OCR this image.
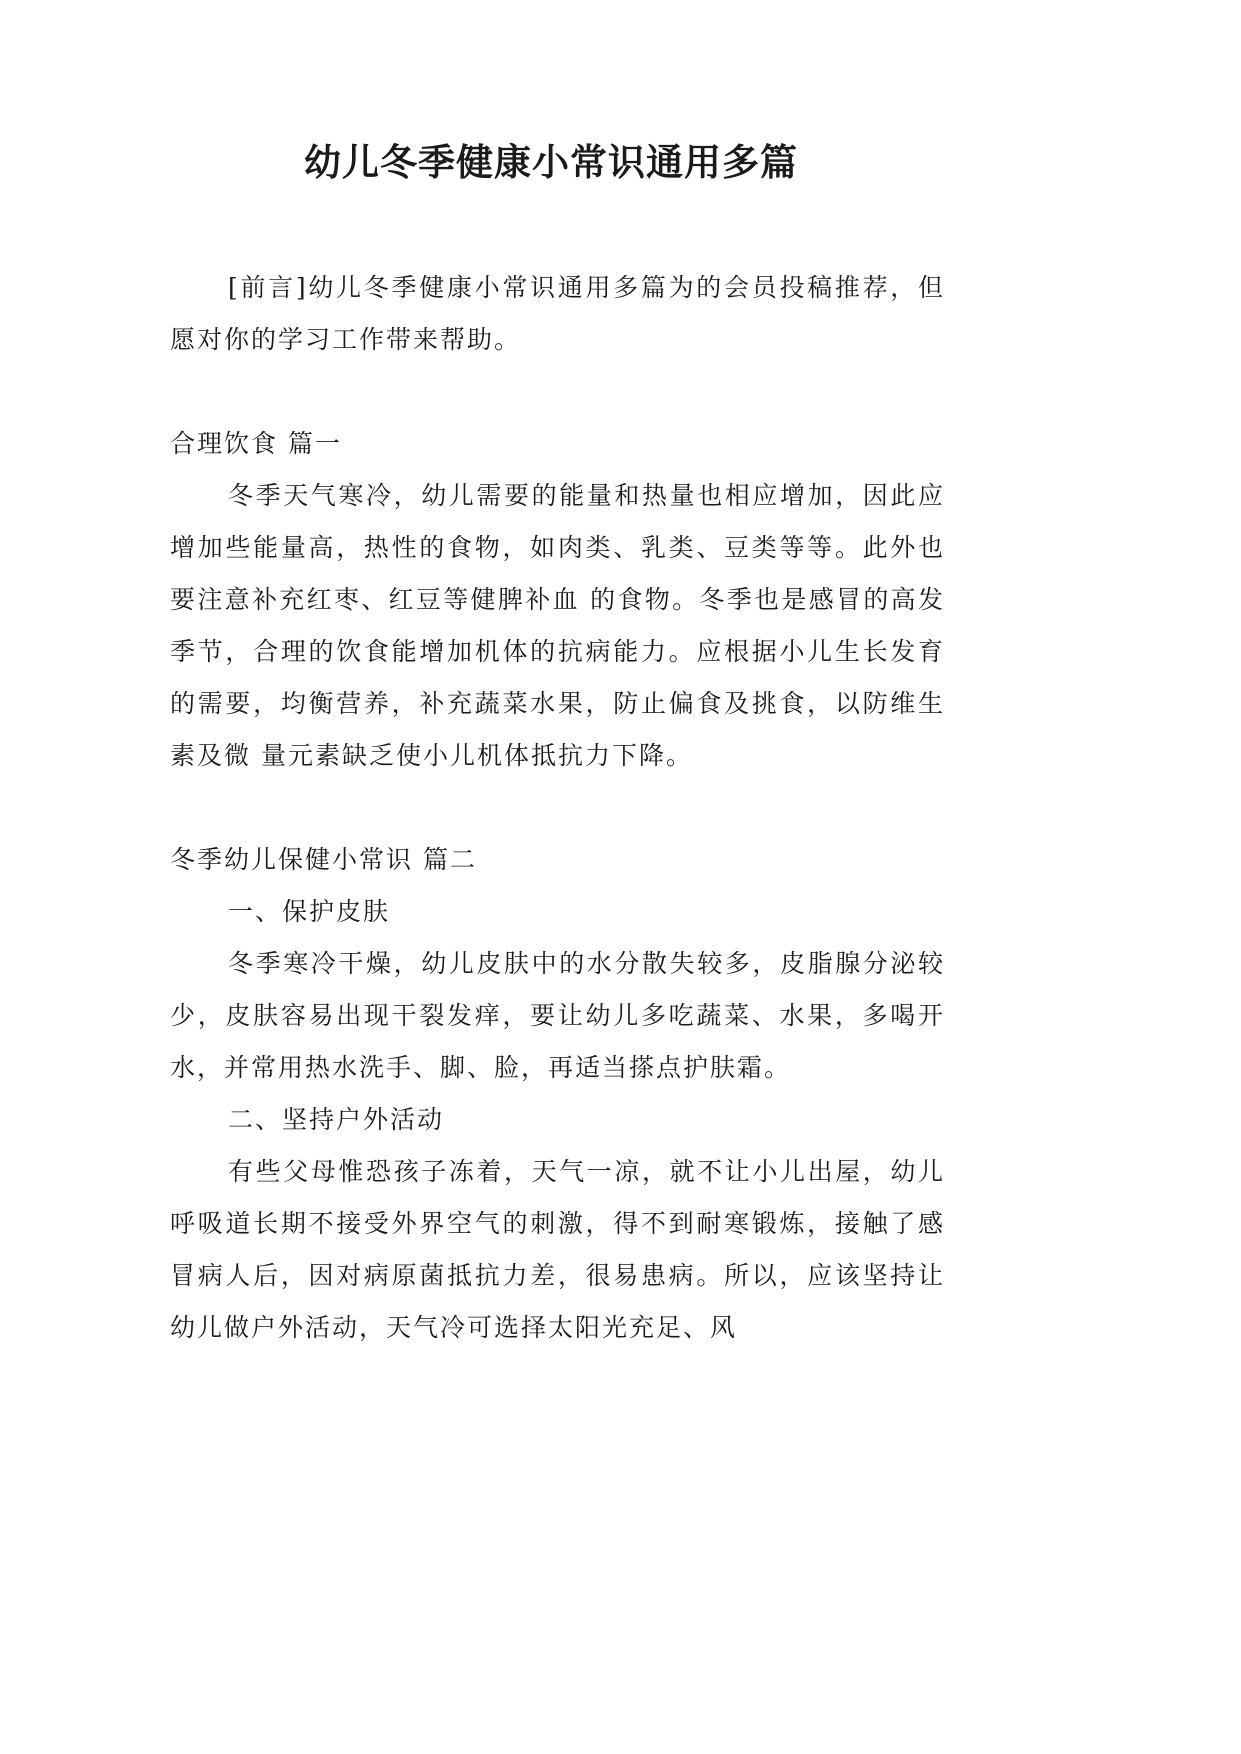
幼儿冬季健康小常识通用多篇

[前言]幼儿冬季健康小常识通用多篇为的会员投稿推荐，但愿对你的学习工作带来帮助。

合理饮食 篇一

冬季天气寒冷，幼儿需要的能量和热量也相应增加，因此应增加些能量高，热性的食物，如肉类、乳类、豆类等等。此外也要注意补充红枣、红豆等健脾补血 的食物。冬季也是感冒的高发季节，合理的饮食能增加机体的抗病能力。应根据小儿生长发育的需要，均衡营养，补充蔬菜水果，防止偏食及挑食，以防维生素及微 量元素缺乏使小儿机体抵抗力下降。

冬季幼儿保健小常识 篇二

一、保护皮肤

冬季寒冷干燥，幼儿皮肤中的水分散失较多，皮脂腺分泌较少，皮肤容易出现干裂发痒，要让幼儿多吃蔬菜、水果，多喝开水，并常用热水洗手、脚、脸，再适当搽点护肤霜。

二、坚持户外活动

有些父母惟恐孩子冻着，天气一凉，就不让小儿出屋，幼儿呼吸道长期不接受外界空气的刺激，得不到耐寒锻炼，接触了感冒病人后，因对病原菌抵抗力差，很易患病。所以，应该坚持让幼儿做户外活动，天气冷可选择太阳光充足、风
